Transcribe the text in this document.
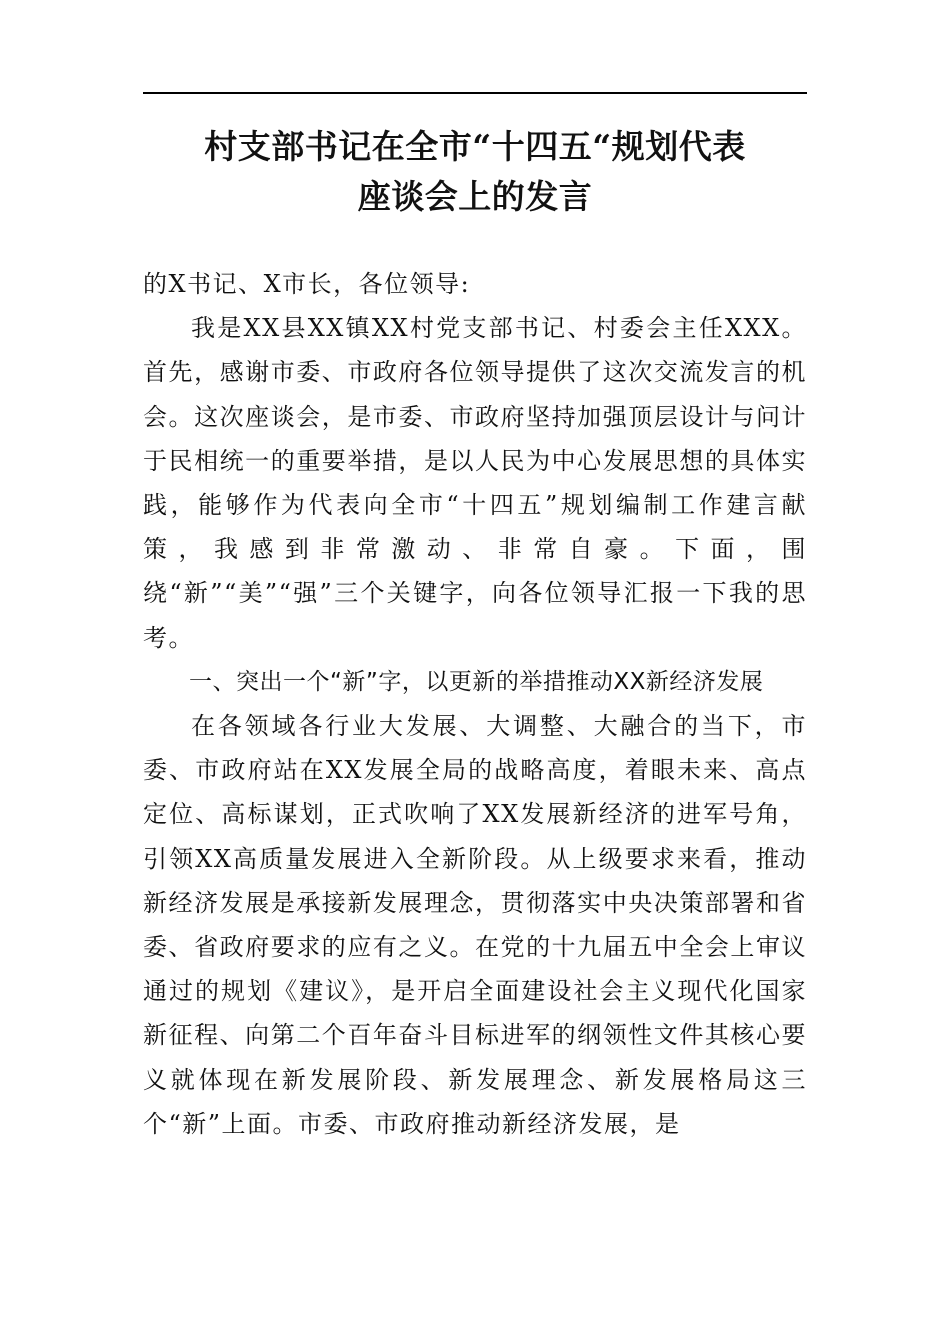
村支部书记在全市“十四五“规划代表
座谈会上的发言

的X书记、X市长，各位领导:

我是XX县XX镇XX村党支部书记、村委会主任XXX。首先，感谢市委、市政府各位领导提供了这次交流发言的机会。这次座谈会，是市委、市政府坚持加强顶层设计与问计于民相统一的重要举措，是以人民为中心发展思想的具体实践，能够作为代表向全市“十四五”规划编制工作建言献策，我感到非常激动、非常自豪。下面，围绕“新”“美”“强”三个关键字，向各位领导汇报一下我的思考。

一、突出一个“新”字，以更新的举措推动XX新经济发展

在各领域各行业大发展、大调整、大融合的当下，市委、市政府站在XX发展全局的战略高度，着眼未来、高点定位、高标谋划，正式吹响了XX发展新经济的进军号角，引领XX高质量发展进入全新阶段。从上级要求来看，推动新经济发展是承接新发展理念，贯彻落实中央决策部署和省委、省政府要求的应有之义。在党的十九届五中全会上审议通过的规划《建议》，是开启全面建设社会主义现代化国家新征程、向第二个百年奋斗目标进军的纲领性文件其核心要义就体现在新发展阶段、新发展理念、新发展格局这三个“新”上面。市委、市政府推动新经济发展，是
